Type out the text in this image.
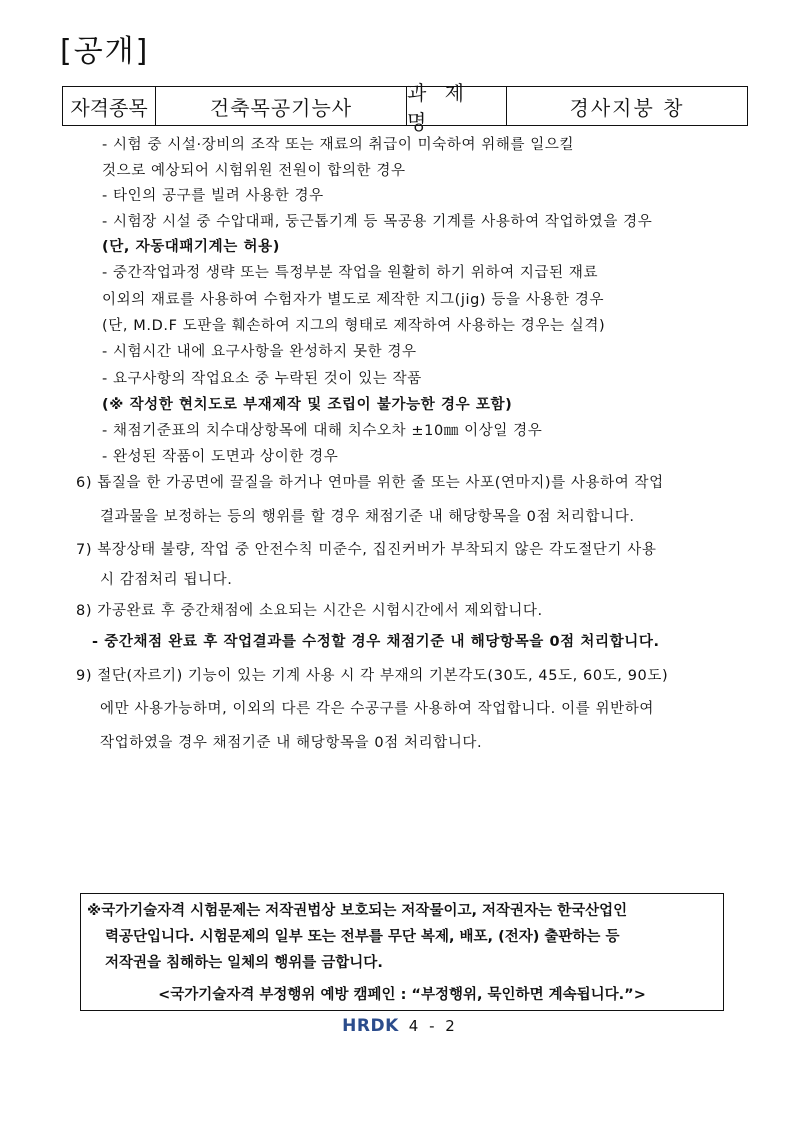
[공개]
자격종목	건축목공기능사
과 제 명
경사지붕 창
- 시험 중 시설·장비의 조작 또는 재료의 취급이 미숙하여 위해를 일으킬
것으로 예상되어 시험위원 전원이 합의한 경우
- 타인의 공구를 빌려 사용한 경우
- 시험장 시설 중 수압대패, 둥근톱기계 등 목공용 기계를 사용하여 작업하였을 경우
(단, 자동대패기계는 허용)
- 중간작업과정 생략 또는 특정부분 작업을 원활히 하기 위하여 지급된 재료
이외의 재료를 사용하여 수험자가 별도로 제작한 지그(jig) 등을 사용한 경우
(단, M.D.F 도판을 훼손하여 지그의 형태로 제작하여 사용하는 경우는 실격)
- 시험시간 내에 요구사항을 완성하지 못한 경우
- 요구사항의 작업요소 중 누락된 것이 있는 작품
(※ 작성한 현치도로 부재제작 및 조립이 불가능한 경우 포함)
- 채점기준표의 치수대상항목에 대해 치수오차 ±10㎜ 이상일 경우
- 완성된 작품이 도면과 상이한 경우
6) 톱질을 한 가공면에 끌질을 하거나 연마를 위한 줄 또는 사포(연마지)를 사용하여 작업
결과물을 보정하는 등의 행위를 할 경우 채점기준 내 해당항목을 0점 처리합니다.
7) 복장상태 불량, 작업 중 안전수칙 미준수, 집진커버가 부착되지 않은 각도절단기 사용
시 감점처리 됩니다.
8) 가공완료 후 중간채점에 소요되는 시간은 시험시간에서 제외합니다.
- 중간채점 완료 후 작업결과를 수정할 경우 채점기준 내 해당항목을 0점 처리합니다.
9) 절단(자르기) 기능이 있는 기계 사용 시 각 부재의 기본각도(30도, 45도, 60도, 90도)
에만 사용가능하며, 이외의 다른 각은 수공구를 사용하여 작업합니다. 이를 위반하여
작업하였을 경우 채점기준 내 해당항목을 0점 처리합니다.
※국가기술자격 시험문제는 저작권법상 보호되는 저작물이고, 저작권자는 한국산업인
력공단입니다. 시험문제의 일부 또는 전부를 무단 복제, 배포, (전자) 출판하는 등
저작권을 침해하는 일체의 행위를 금합니다.
<국가기술자격 부정행위 예방 캠페인 : “부정행위, 묵인하면 계속됩니다.”>
HRDK 4 - 2
